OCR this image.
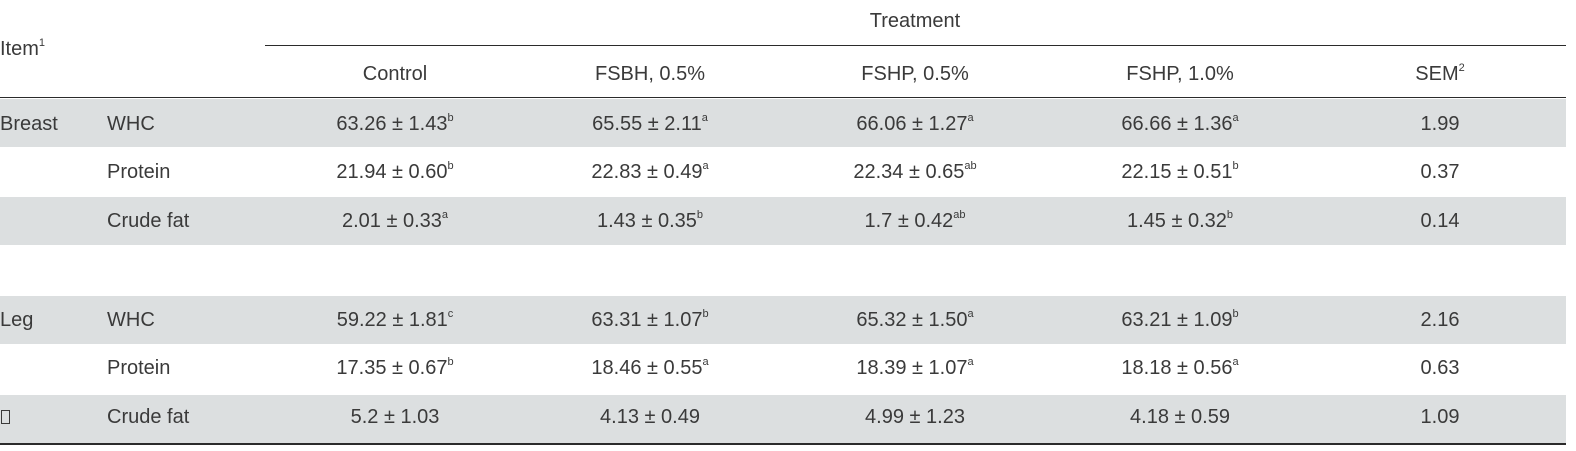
Item$^1$
Treatment
Control	FSBH, 0.5%	FSHP, 0.5%	FSHP, 1.0%	SEM$^2$
Breast WHC	63.26 ± 1.43$^b$	65.55 ± 2.11$^a$	66.06 ± 1.27$^a$	66.66 ± 1.36$^a$	1.99
Protein	21.94 ± 0.60$^b$	22.83 ± 0.49$^a$	22.34 ± 0.65$^{ab}$	22.15 ± 0.51$^b$	0.37
Crude fat	2.01 ± 0.33$^a$	1.43 ± 0.35$^b$	1.7 ± 0.42$^{ab}$	1.45 ± 0.32$^b$	0.14
Leg	WHC	59.22 ± 1.81$^c$	63.31 ± 1.07$^b$	65.32 ± 1.50$^a$	63.21 ± 1.09$^b$	2.16
Protein	17.35 ± 0.67$^b$	18.46 ± 0.55$^a$	18.39 ± 1.07$^a$	18.18 ± 0.56$^a$	0.63
Crude fat	5.2 ± 1.03	4.13 ± 0.49	4.99 ± 1.23	4.18 ± 0.59	1.09
